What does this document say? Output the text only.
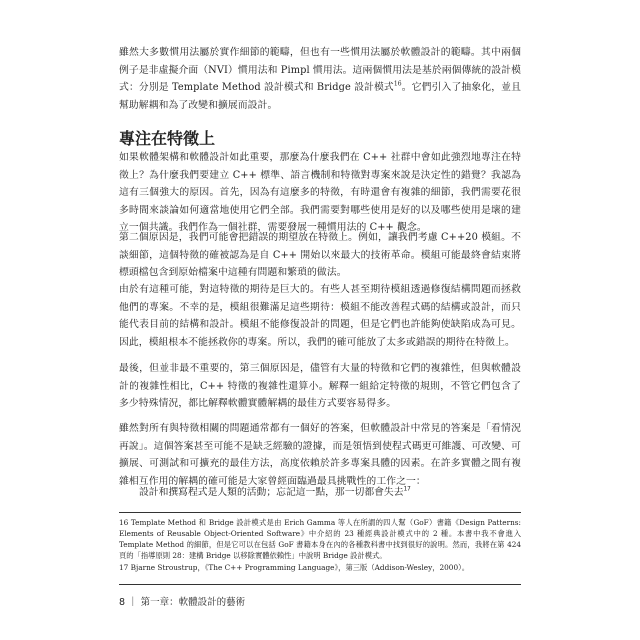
雖然大多數慣用法屬於實作細節的範疇，但也有一些慣用法屬於軟體設計的範疇。其中兩個例子是非虛擬介面（NVI）慣用法和 Pimpl 慣用法。這兩個慣用法是基於兩個傳統的設計模式：分別是 Template Method 設計模式和 Bridge 設計模式$^{16}$。它們引入了抽象化，並且幫助解耦和為了改變和擴展而設計。
專注在特徵上
如果軟體架構和軟體設計如此重要，那麼為什麼我們在 C++ 社群中會如此強烈地專注在特徵上？為什麼我們要建立 C++ 標準、語言機制和特徵對專案來說是決定性的錯覺？我認為這有三個強大的原因。首先，因為有這麼多的特徵，有時還會有複雜的細節，我們需要花很多時間來談論如何適當地使用它們全部。我們需要對哪些使用是好的以及哪些使用是壞的建立一個共識。我們作為一個社群，需要發展一種慣用法的 C++ 觀念。
第二個原因是，我們可能會把錯誤的期望放在特徵上。例如，讓我們考慮 C++20 模組。不談細節，這個特徵的確被認為是自 C++ 開始以來最大的技術革命。模組可能最終會結束將標頭檔包含到原始檔案中這種有問題和繁瑣的做法。
由於有這種可能，對這特徵的期待是巨大的。有些人甚至期待模組透過修復結構問題而拯救他們的專案。不幸的是，模組很難滿足這些期待：模組不能改善程式碼的結構或設計，而只能代表目前的結構和設計。模組不能修復設計的問題，但是它們也許能夠使缺陷成為可見。因此，模組根本不能拯救你的專案。所以，我們的確可能放了太多或錯誤的期待在特徵上。
最後，但並非最不重要的，第三個原因是，儘管有大量的特徵和它們的複雜性，但與軟體設計的複雜性相比，C++ 特徵的複雜性還算小。解釋一組給定特徵的規則，不管它們包含了多少特殊情況，都比解釋軟體實體解耦的最佳方式要容易得多。
雖然對所有與特徵相關的問題通常都有一個好的答案，但軟體設計中常見的答案是「看情況再說」。這個答案甚至可能不是缺乏經驗的證據，而是領悟到使程式碼更可維護、可改變、可擴展、可測試和可擴充的最佳方法，高度依賴於許多專案具體的因素。在許多實體之間有複雜相互作用的解耦的確可能是大家曾經面臨過最具挑戰性的工作之一：
設計和撰寫程式是人類的活動；忘記這一點，那一切都會失去$^{17}$
16 Template Method 和 Bridge 設計模式是由 Erich Gamma 等人在所謂的四人幫（GoF）書籍《Design Patterns: Elements of Reusable Object-Oriented Software》中介紹的 23 種經典設計模式中的 2 種。本書中我不會進入 Template Method 的細節，但是它可以在包括 GoF 書籍本身在內的各種教科書中找到很好的說明。然而，我將在第 424 頁的「指導原則 28：建構 Bridge 以移除實體依賴性」中說明 Bridge 設計模式。
17 Bjarne Stroustrup，《The C++ Programming Language》，第三版（Addison-Wesley，2000）。
8 ｜ 第一章：軟體設計的藝術
